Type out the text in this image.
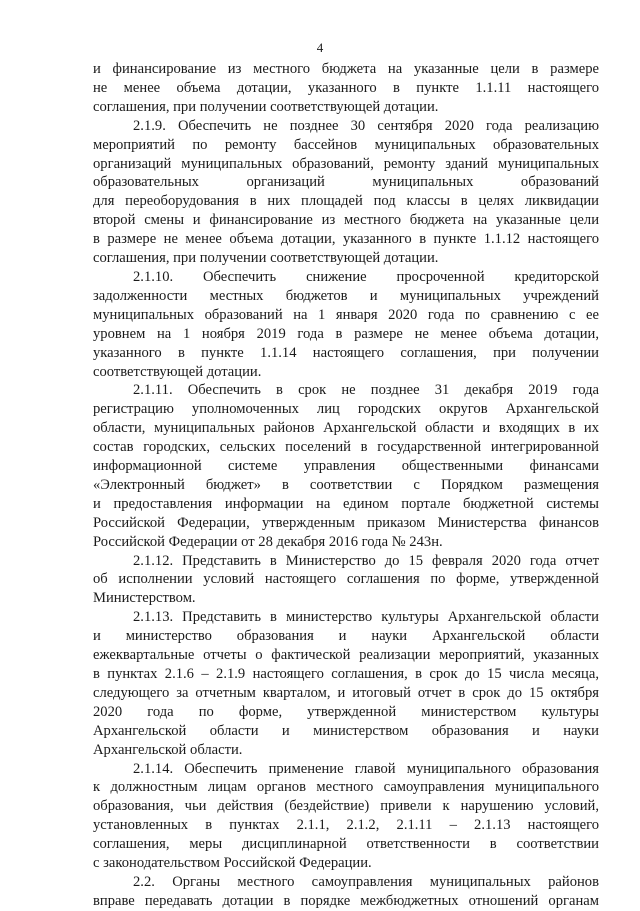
4
и финансирование из местного бюджета на указанные цели в размере
не менее объема дотации, указанного в пункте 1.1.11 настоящего
соглашения, при получении соответствующей дотации.
2.1.9. Обеспечить не позднее 30 сентября 2020 года реализацию
мероприятий по ремонту бассейнов муниципальных образовательных
организаций муниципальных образований, ремонту зданий муниципальных
образовательных организаций муниципальных образований
для переоборудования в них площадей под классы в целях ликвидации
второй смены и финансирование из местного бюджета на указанные цели
в размере не менее объема дотации, указанного в пункте 1.1.12 настоящего
соглашения, при получении соответствующей дотации.
2.1.10. Обеспечить снижение просроченной кредиторской
задолженности местных бюджетов и муниципальных учреждений
муниципальных образований на 1 января 2020 года по сравнению с ее
уровнем на 1 ноября 2019 года в размере не менее объема дотации,
указанного в пункте 1.1.14 настоящего соглашения, при получении
соответствующей дотации.
2.1.11. Обеспечить в срок не позднее 31 декабря 2019 года
регистрацию уполномоченных лиц городских округов Архангельской
области, муниципальных районов Архангельской области и входящих в их
состав городских, сельских поселений в государственной интегрированной
информационной системе управления общественными финансами
«Электронный бюджет» в соответствии с Порядком размещения
и предоставления информации на едином портале бюджетной системы
Российской Федерации, утвержденным приказом Министерства финансов
Российской Федерации от 28 декабря 2016 года № 243н.
2.1.12. Представить в Министерство до 15 февраля 2020 года отчет
об исполнении условий настоящего соглашения по форме, утвержденной
Министерством.
2.1.13. Представить в министерство культуры Архангельской области
и министерство образования и науки Архангельской области
ежеквартальные отчеты о фактической реализации мероприятий, указанных
в пунктах 2.1.6 – 2.1.9 настоящего соглашения, в срок до 15 числа месяца,
следующего за отчетным кварталом, и итоговый отчет в срок до 15 октября
2020 года по форме, утвержденной министерством культуры
Архангельской области и министерством образования и науки
Архангельской области.
2.1.14. Обеспечить применение главой муниципального образования
к должностным лицам органов местного самоуправления муниципального
образования, чьи действия (бездействие) привели к нарушению условий,
установленных в пунктах 2.1.1, 2.1.2, 2.1.11 – 2.1.13 настоящего
соглашения, меры дисциплинарной ответственности в соответствии
с законодательством Российской Федерации.
2.2. Органы местного самоуправления муниципальных районов
вправе передавать дотации в порядке межбюджетных отношений органам
